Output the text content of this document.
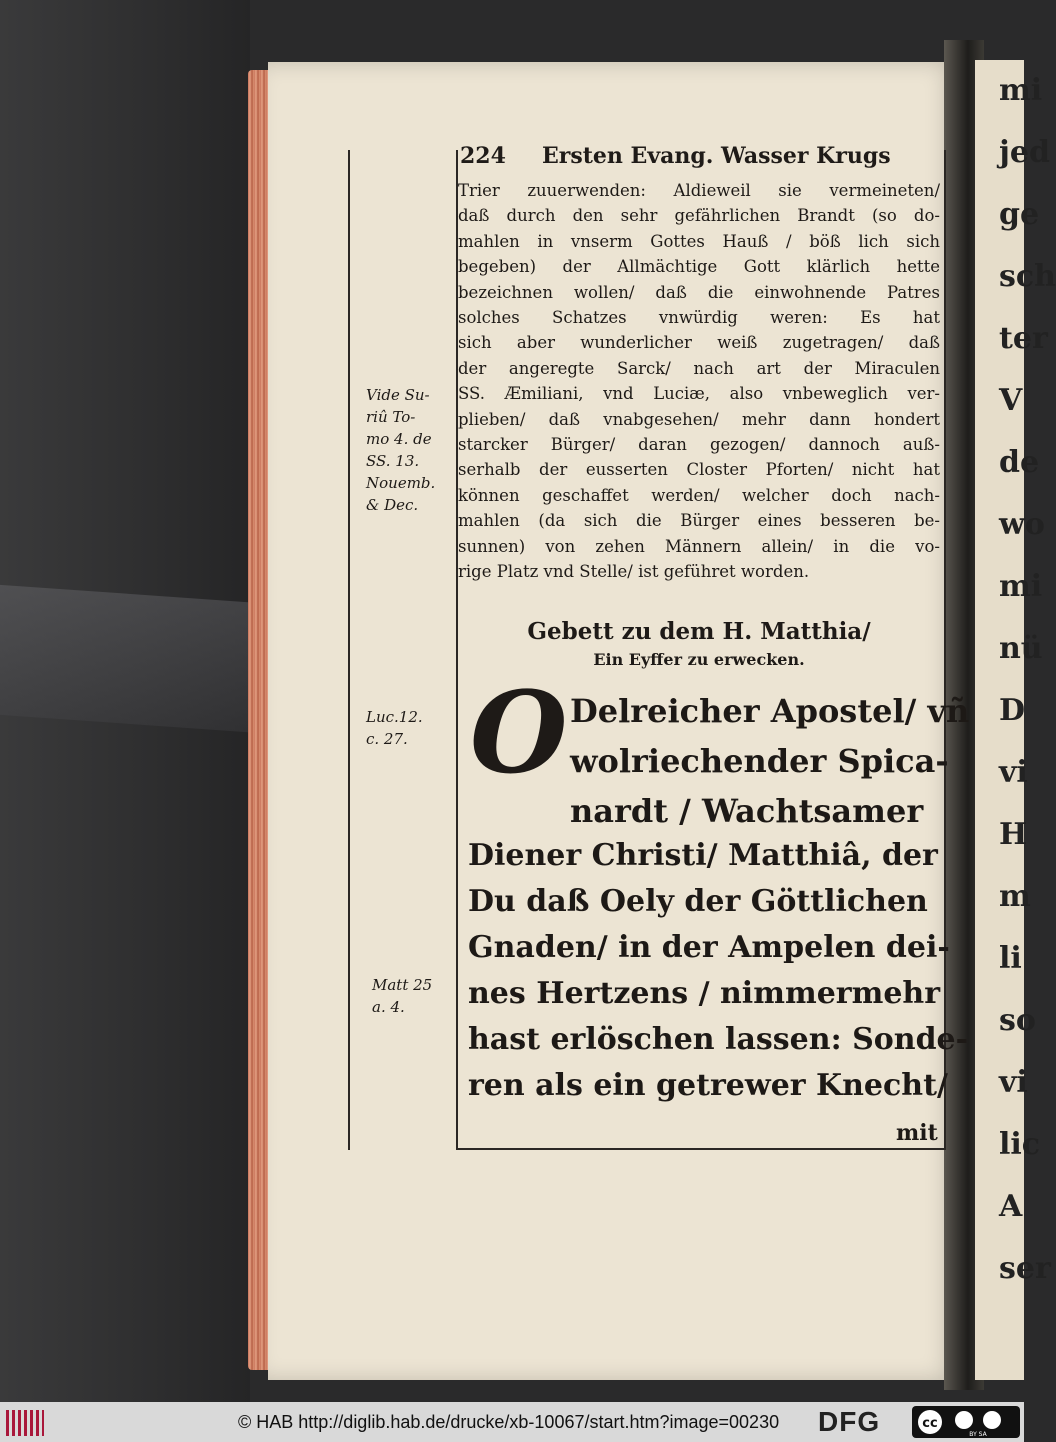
mi
jed
ge
sch
ter
V
de
wo
mi
nü
D
vi
H
m
li
so
vi
lic
A
ser
224 Ersten Evang. Wasser Krugs
Trier zuuerwenden: Aldieweil sie vermeineten/
daß durch den sehr gefährlichen Brandt (so do-
mahlen in vnserm Gottes Hauß / böß lich sich
begeben) der Allmächtige Gott klärlich hette
bezeichnen wollen/ daß die einwohnende Patres
solches Schatzes vnwürdig weren: Es hat
sich aber wunderlicher weiß zugetragen/ daß
der angeregte Sarck/ nach art der Miraculen
SS. Æmiliani, vnd Luciæ, also vnbeweglich ver-
plieben/ daß vnabgesehen/ mehr dann hondert
starcker Bürger/ daran gezogen/ dannoch auß-
serhalb der eusserten Closter Pforten/ nicht hat
können geschaffet werden/ welcher doch nach-
mahlen (da sich die Bürger eines besseren be-
sunnen) von zehen Männern allein/ in die vo-
rige Platz vnd Stelle/ ist geführet worden.
Gebett zu dem H. Matthia/
Ein Eyffer zu erwecken.
O Delreicher Apostel/ vñ
wolriechender Spica-
nardt / Wachtsamer
Diener Christi/ Matthiâ, der
Du daß Oely der Göttlichen
Gnaden/ in der Ampelen dei-
nes Hertzens / nimmermehr
hast erlöschen lassen: Sonde-
ren als ein getrewer Knecht/
mit
Vide Su-
riû To-
mo 4. de
SS. 13.
Nouemb.
& Dec.
Luc.12.
c. 27.
Matt 25
a. 4.
© HAB http://diglib.hab.de/drucke/xb-10067/start.htm?image=00230 DFG	cc
BY SA
